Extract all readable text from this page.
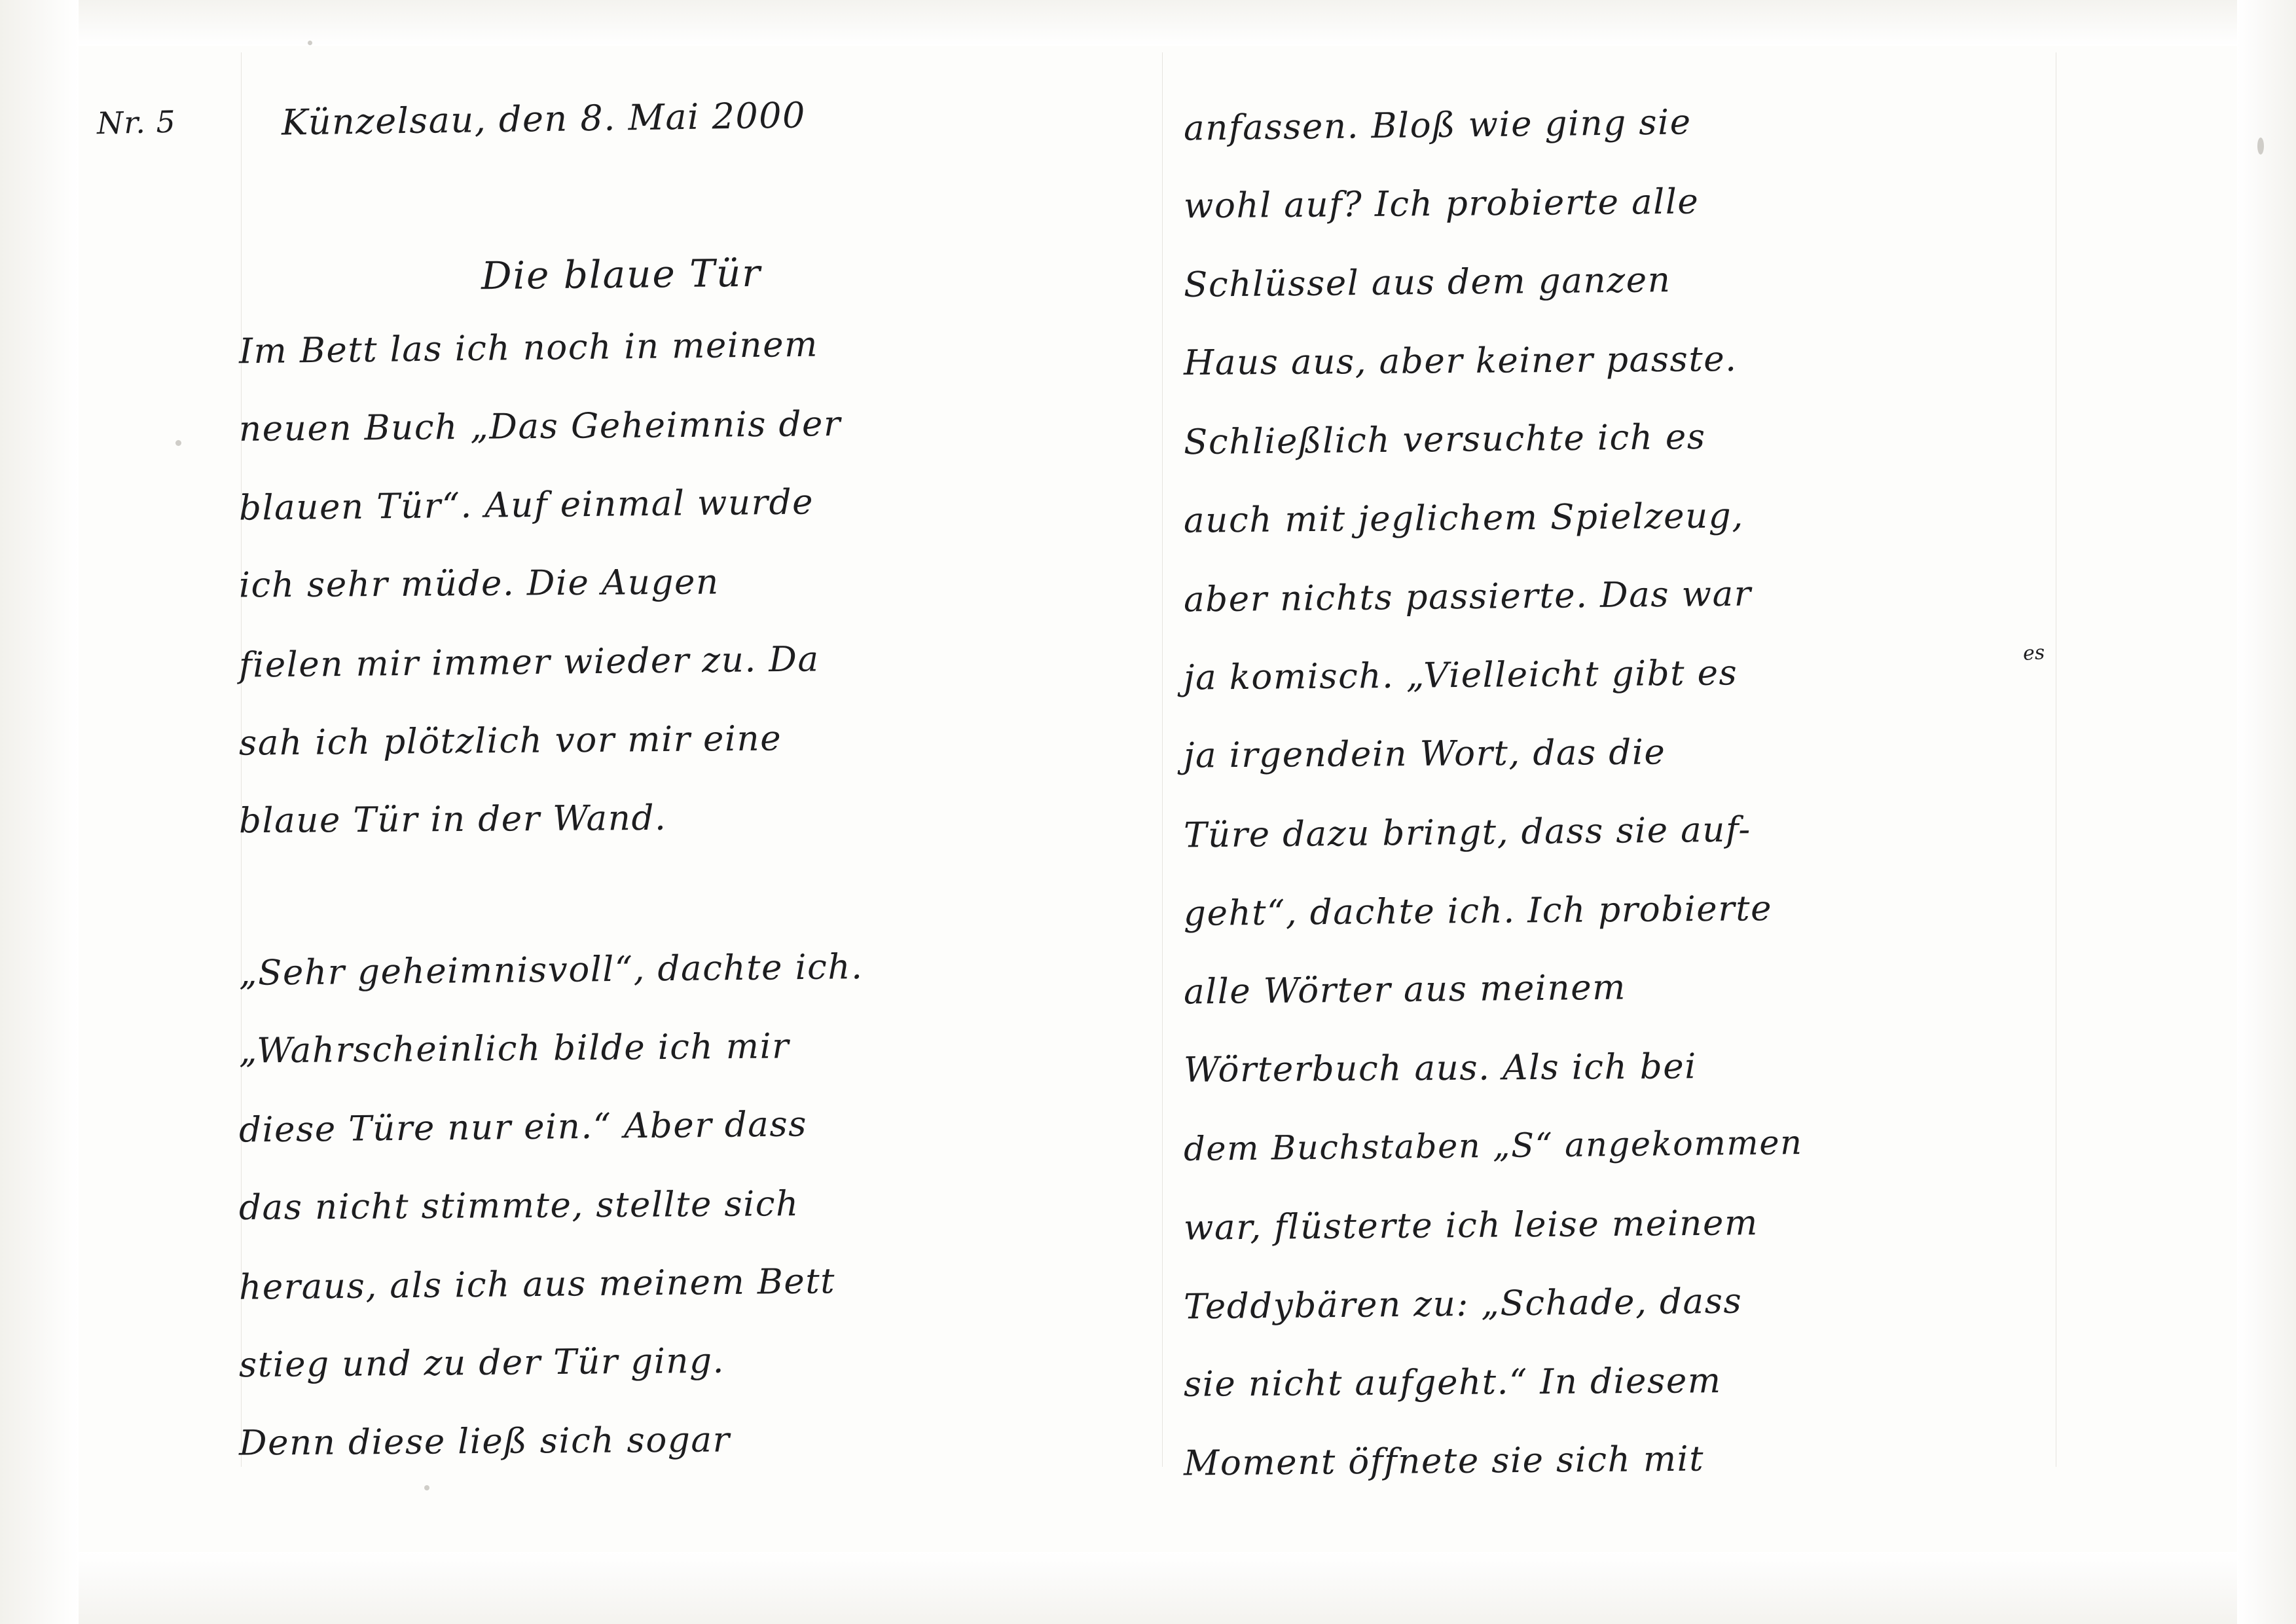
Nr. 5	Künzelsau, den 8. Mai 2000
Die blaue Tür
Im Bett las ich noch in meinem
neuen Buch „Das Geheimnis der
blauen Tür“. Auf einmal wurde
ich sehr müde. Die Augen
fielen mir immer wieder zu. Da
sah ich plötzlich vor mir eine
blaue Tür in der Wand.
„Sehr geheimnisvoll“, dachte ich.
„Wahrscheinlich bilde ich mir
diese Türe nur ein.“ Aber dass
das nicht stimmte, stellte sich
heraus, als ich aus meinem Bett
stieg und zu der Tür ging.
Denn diese ließ sich sogar
anfassen. Bloß wie ging sie
wohl auf? Ich probierte alle
Schlüssel aus dem ganzen
Haus aus, aber keiner passte.
Schließlich versuchte ich es
auch mit jeglichem Spielzeug,
aber nichts passierte. Das war
ja komisch. „Vielleicht gibt es
ja irgendein Wort, das die
Türe dazu bringt, dass sie auf-
geht“, dachte ich. Ich probierte
alle Wörter aus meinem
Wörterbuch aus. Als ich bei
dem Buchstaben „S“ angekommen
war, flüsterte ich leise meinem
Teddybären zu: „Schade, dass
sie nicht aufgeht.“ In diesem
Moment öffnete sie sich mit
es
